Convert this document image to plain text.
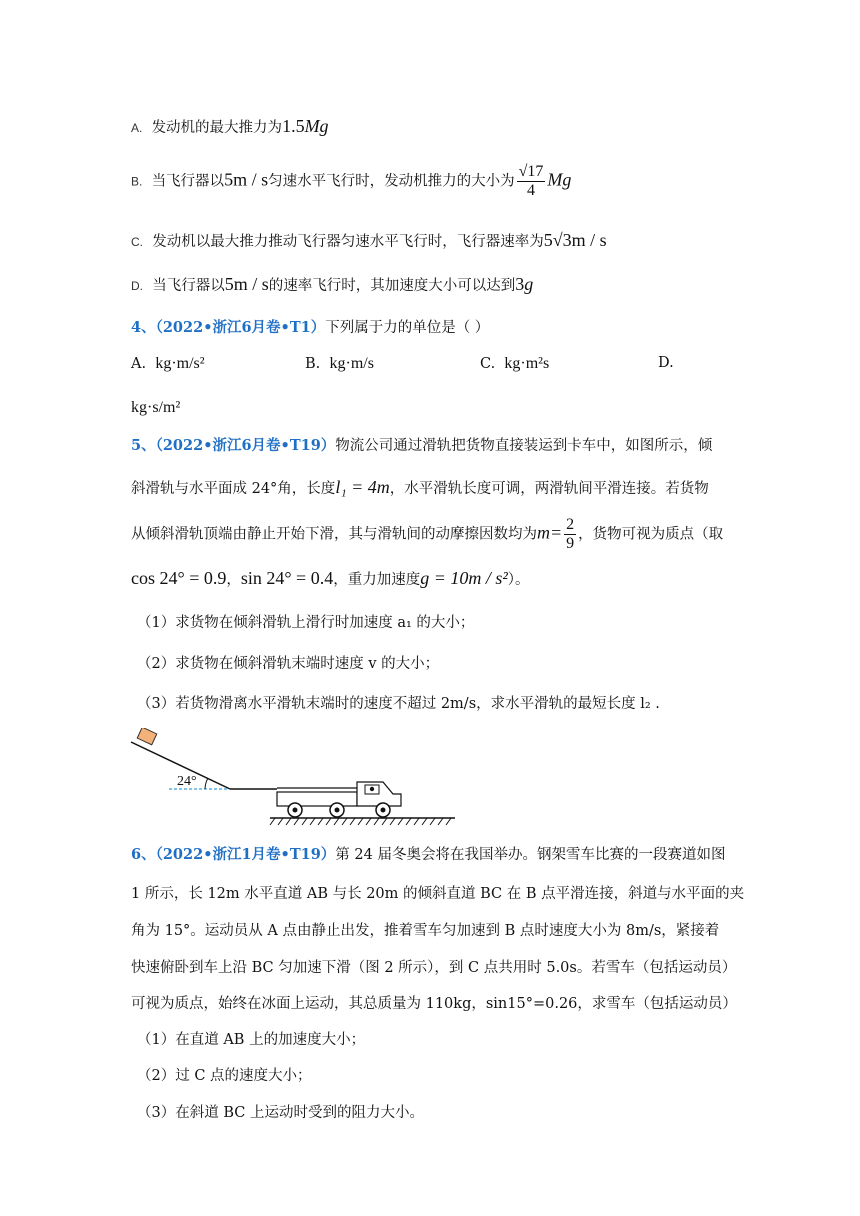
A. 发动机的最大推力为1.5Mg
B. 当飞行器以5m / s匀速水平飞行时，发动机推力的大小为 $\frac{√17}{4}$ Mg
C. 发动机以最大推力推动飞行器匀速水平飞行时，飞行器速率为5√3m / s
D. 当飞行器以5m / s的速率飞行时，其加速度大小可以达到3g
4、（2022•浙江6月卷•T1）下列属于力的单位是（ ）
A. kg·m/s²	B. kg·m/s	C. kg·m²s	D.
kg·s/m²
5、（2022•浙江6月卷•T19）物流公司通过滑轨把货物直接装运到卡车中，如图所示，倾
斜滑轨与水平面成 24°角，长度l₁ = 4m，水平滑轨长度可调，两滑轨间平滑连接。若货物
从倾斜滑轨顶端由静止开始下滑，其与滑轨间的动摩擦因数均为$m= \frac{2}{9}$ ，货物可视为质点（取
cos 24° = 0.9，sin 24° = 0.4，重力加速度g = 10m / s²）。
（1）求货物在倾斜滑轨上滑行时加速度 a₁ 的大小；
（2）求货物在倾斜滑轨末端时速度 v 的大小；
（3）若货物滑离水平滑轨末端时的速度不超过 2m/s，求水平滑轨的最短长度 l₂ .
24°
6、（2022•浙江1月卷•T19）第 24 届冬奥会将在我国举办。钢架雪车比赛的一段赛道如图
1 所示，长 12m 水平直道 AB 与长 20m 的倾斜直道 BC 在 B 点平滑连接，斜道与水平面的夹
角为 15°。运动员从 A 点由静止出发，推着雪车匀加速到 B 点时速度大小为 8m/s，紧接着
快速俯卧到车上沿 BC 匀加速下滑（图 2 所示），到 C 点共用时 5.0s。若雪车（包括运动员）
可视为质点，始终在冰面上运动，其总质量为 110kg，sin15°=0.26，求雪车（包括运动员）
（1）在直道 AB 上的加速度大小；
（2）过 C 点的速度大小；
（3）在斜道 BC 上运动时受到的阻力大小。
